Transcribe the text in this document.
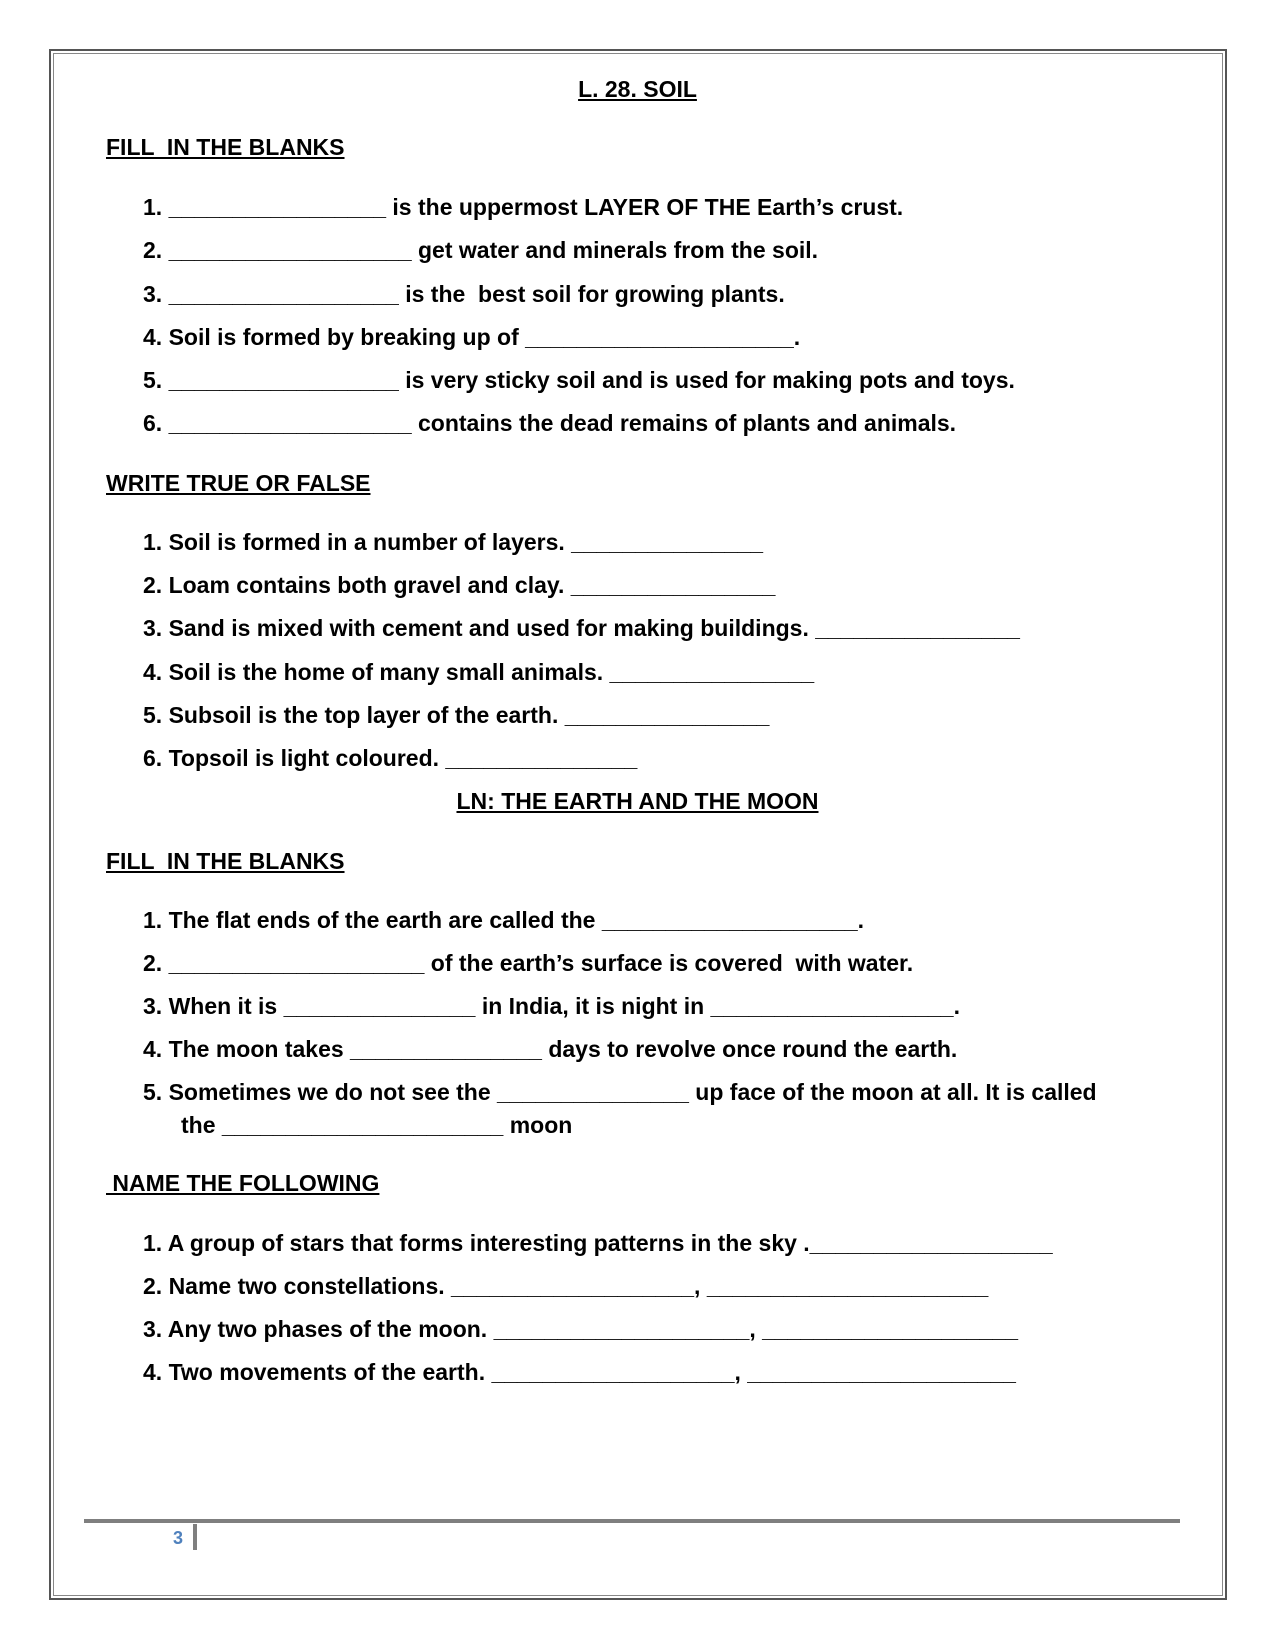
L. 28. SOIL
FILL  IN THE BLANKS
1. _________________ is the uppermost LAYER OF THE Earth’s crust.
2. ___________________ get water and minerals from the soil.
3. __________________ is the  best soil for growing plants.
4. Soil is formed by breaking up of _____________________.
5. __________________ is very sticky soil and is used for making pots and toys.
6. ___________________ contains the dead remains of plants and animals.
WRITE TRUE OR FALSE
1. Soil is formed in a number of layers. _______________
2. Loam contains both gravel and clay. ________________
3. Sand is mixed with cement and used for making buildings. ________________
4. Soil is the home of many small animals. ________________
5. Subsoil is the top layer of the earth. ________________
6. Topsoil is light coloured. _______________
LN: THE EARTH AND THE MOON
FILL  IN THE BLANKS
1. The flat ends of the earth are called the ____________________.
2. ____________________ of the earth’s surface is covered  with water.
3. When it is _______________ in India, it is night in ___________________.
4. The moon takes _______________ days to revolve once round the earth.
5. Sometimes we do not see the _______________ up face of the moon at all. It is called
the ______________________ moon
NAME THE FOLLOWING
1. A group of stars that forms interesting patterns in the sky .___________________
2. Name two constellations. ___________________, ______________________
3. Any two phases of the moon. ____________________, ____________________
4. Two movements of the earth. ___________________, _____________________
3
